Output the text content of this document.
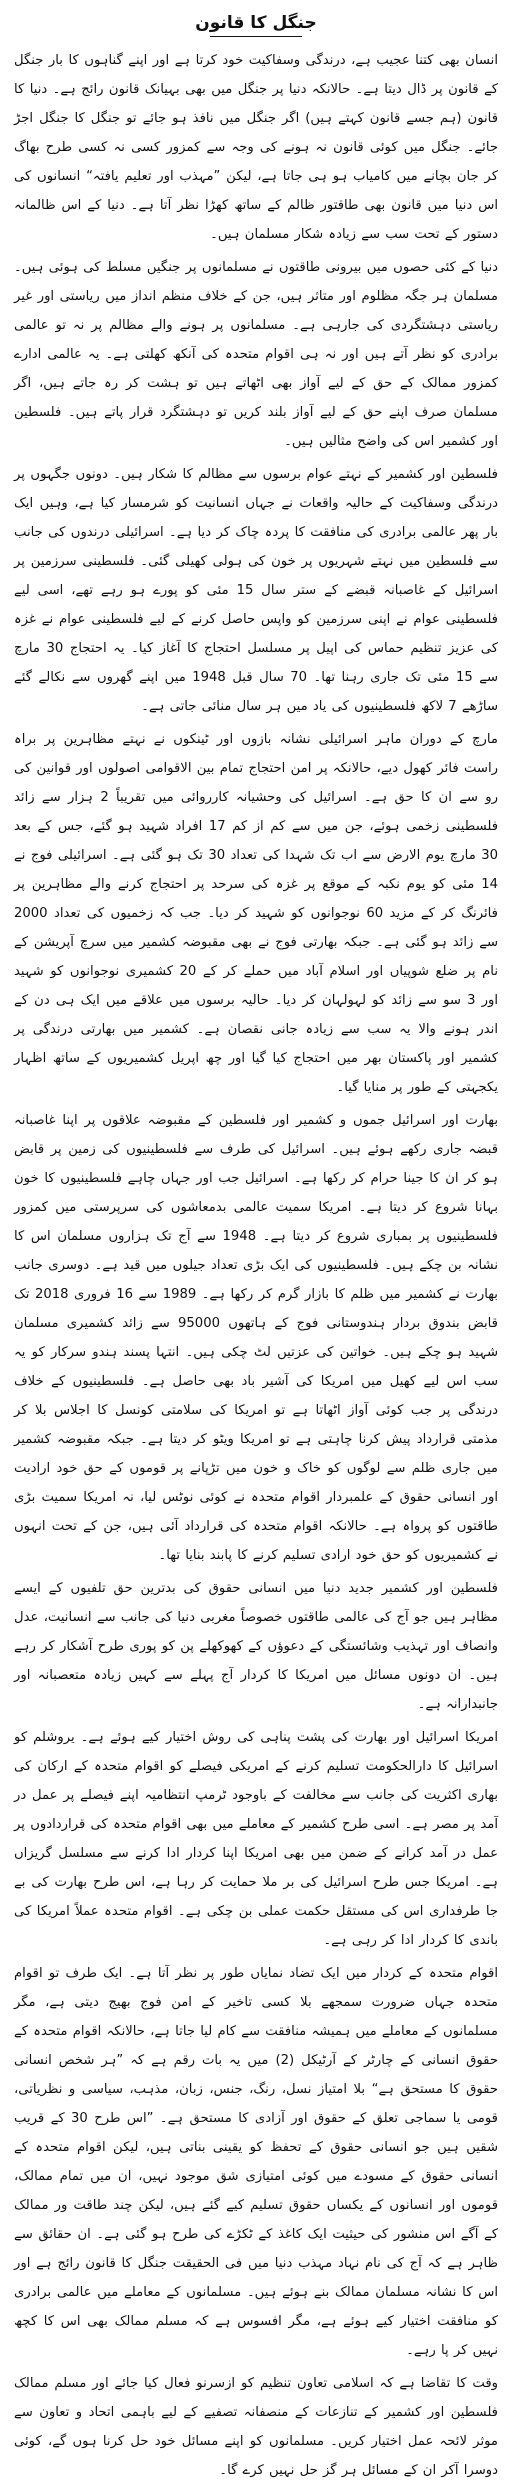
جنگل کا قانون

انسان بھی کتنا عجیب ہے، درندگی وسفاکیت خود کرتا ہے اور اپنے گناہوں کا بار جنگل کے قانون پر ڈال دیتا ہے۔ حالانکہ دنیا پر جنگل میں بھی بہیانک قانون رائج ہے۔ دنیا کا قانون (ہم جسے قانون کہتے ہیں) اگر جنگل میں نافذ ہو جائے تو جنگل کا جنگل اجڑ جائے۔ جنگل میں کوئی قانون نہ ہونے کی وجہ سے کمزور کسی نہ کسی طرح بھاگ کر جان بچانے میں کامیاب ہو ہی جاتا ہے، لیکن ”مہذب اور تعلیم یافتہ“ انسانوں کی اس دنیا میں قانون بھی طاقتور ظالم کے ساتھ کھڑا نظر آتا ہے۔ دنیا کے اس ظالمانہ دستور کے تحت سب سے زیادہ شکار مسلمان ہیں۔

دنیا کے کئی حصوں میں بیرونی طاقتوں نے مسلمانوں پر جنگیں مسلط کی ہوئی ہیں۔ مسلمان ہر جگہ مظلوم اور متاثر ہیں، جن کے خلاف منظم انداز میں ریاستی اور غیر ریاستی دہشتگردی کی جارہی ہے۔ مسلمانوں پر ہونے والے مظالم پر نہ تو عالمی برادری کو نظر آتے ہیں اور نہ ہی اقوام متحدہ کی آنکھ کھلتی ہے۔ یہ عالمی ادارے کمزور ممالک کے حق کے لیے آواز بھی اٹھاتے ہیں تو ہشت کر رہ جاتے ہیں، اگر مسلمان صرف اپنے حق کے لیے آواز بلند کریں تو دہشتگرد قرار پاتے ہیں۔ فلسطین اور کشمیر اس کی واضح مثالیں ہیں۔

فلسطین اور کشمیر کے نہتے عوام برسوں سے مظالم کا شکار ہیں۔ دونوں جگہوں پر درندگی وسفاکیت کے حالیہ واقعات نے جہاں انسانیت کو شرمسار کیا ہے، وہیں ایک بار پھر عالمی برادری کی منافقت کا پردہ چاک کر دیا ہے۔ اسرائیلی درندوں کی جانب سے فلسطین میں نہتے شہریوں پر خون کی ہولی کھیلی گئی۔ فلسطینی سرزمین پر اسرائیل کے غاصبانہ قبضے کے ستر سال 15 مئی کو پورے ہو رہے تھے، اسی لیے فلسطینی عوام نے اپنی سرزمین کو واپس حاصل کرنے کے لیے فلسطینی عوام نے غزہ کی عزیز تنظیم حماس کی اپیل پر مسلسل احتجاج کا آغاز کیا۔ یہ احتجاج 30 مارچ سے 15 مئی تک جاری رہنا تھا۔ 70 سال قبل 1948 میں اپنے گھروں سے نکالے گئے ساڑھے 7 لاکھ فلسطینیوں کی یاد میں ہر سال منائی جاتی ہے۔

مارچ کے دوران ماہر اسرائیلی نشانہ بازوں اور ٹینکوں نے نہتے مظاہرین پر براہ راست فائر کھول دیے، حالانکہ پر امن احتجاج تمام بین الاقوامی اصولوں اور قوانین کی رو سے ان کا حق ہے۔ اسرائیل کی وحشیانہ کارروائی میں تقریباً 2 ہزار سے زائد فلسطینی زخمی ہوئے، جن میں سے کم از کم 17 افراد شہید ہو گئے، جس کے بعد 30 مارچ یوم الارض سے اب تک شہدا کی تعداد 30 تک ہو گئی ہے۔ اسرائیلی فوج نے 14 مئی کو یوم نکبہ کے موقع پر غزہ کی سرحد پر احتجاج کرنے والے مظاہرین پر فائرنگ کر کے مزید 60 نوجوانوں کو شہید کر دیا۔ جب کہ زخمیوں کی تعداد 2000 سے زائد ہو گئی ہے۔ جبکہ بھارتی فوج نے بھی مقبوضہ کشمیر میں سرچ آپریشن کے نام پر ضلع شوپیاں اور اسلام آباد میں حملے کر کے 20 کشمیری نوجوانوں کو شہید اور 3 سو سے زائد کو لہولہان کر دیا۔ حالیہ برسوں میں علاقے میں ایک ہی دن کے اندر ہونے والا یہ سب سے زیادہ جانی نقصان ہے۔ کشمیر میں بھارتی درندگی پر کشمیر اور پاکستان بھر میں احتجاج کیا گیا اور چھ اپریل کشمیریوں کے ساتھ اظہار یکجہتی کے طور پر منایا گیا۔

بھارت اور اسرائیل جموں و کشمیر اور فلسطین کے مقبوضہ علاقوں پر اپنا غاصبانہ قبضہ جاری رکھے ہوئے ہیں۔ اسرائیل کی طرف سے فلسطینیوں کی زمین پر قابض ہو کر ان کا جینا حرام کر رکھا ہے۔ اسرائیل جب اور جہاں چاہے فلسطینیوں کا خون بہانا شروع کر دیتا ہے۔ امریکا سمیت عالمی بدمعاشوں کی سرپرستی میں کمزور فلسطینیوں پر بمباری شروع کر دیتا ہے۔ 1948 سے آج تک ہزاروں مسلمان اس کا نشانہ بن چکے ہیں۔ فلسطینیوں کی ایک بڑی تعداد جیلوں میں قید ہے۔ دوسری جانب بھارت نے کشمیر میں ظلم کا بازار گرم کر رکھا ہے۔ 1989 سے 16 فروری 2018 تک قابض بندوق بردار ہندوستانی فوج کے ہاتھوں 95000 سے زائد کشمیری مسلمان شہید ہو چکے ہیں۔ خواتین کی عزتیں لٹ چکی ہیں۔ انتہا پسند ہندو سرکار کو یہ سب اس لیے کھیل میں امریکا کی آشیر باد بھی حاصل ہے۔ فلسطینیوں کے خلاف درندگی پر جب کوئی آواز اٹھاتا ہے تو امریکا کی سلامتی کونسل کا اجلاس بلا کر مذمتی قرارداد پیش کرنا چاہتی ہے تو امریکا ویٹو کر دیتا ہے۔ جبکہ مقبوضہ کشمیر میں جاری ظلم سے لوگوں کو خاک و خون میں تڑپانے پر قوموں کے حق خود ارادیت اور انسانی حقوق کے علمبردار اقوام متحدہ نے کوئی نوٹس لیا، نہ امریکا سمیت بڑی طاقتوں کو پرواہ ہے۔ حالانکہ اقوام متحدہ کی قرارداد آئی ہیں، جن کے تحت انہوں نے کشمیریوں کو حق خود ارادی تسلیم کرنے کا پابند بنایا تھا۔

فلسطین اور کشمیر جدید دنیا میں انسانی حقوق کی بدترین حق تلفیوں کے ایسے مظاہر ہیں جو آج کی عالمی طاقتوں خصوصاً مغربی دنیا کی جانب سے انسانیت، عدل وانصاف اور تہذیب وشائستگی کے دعوؤں کے کھوکھلے پن کو پوری طرح آشکار کر رہے ہیں۔ ان دونوں مسائل میں امریکا کا کردار آج پہلے سے کہیں زیادہ متعصبانہ اور جانبدارانہ ہے۔

امریکا اسرائیل اور بھارت کی پشت پناہی کی روش اختیار کیے ہوئے ہے۔ یروشلم کو اسرائیل کا دارالحکومت تسلیم کرنے کے امریکی فیصلے کو اقوام متحدہ کے ارکان کی بھاری اکثریت کی جانب سے مخالفت کے باوجود ٹرمپ انتظامیہ اپنے فیصلے پر عمل در آمد پر مصر ہے۔ اسی طرح کشمیر کے معاملے میں بھی اقوام متحدہ کی قراردادوں پر عمل در آمد کرانے کے ضمن میں بھی امریکا اپنا کردار ادا کرنے سے مسلسل گریزاں ہے۔ امریکا جس طرح اسرائیل کی بر ملا حمایت کر رہا ہے، اس طرح بھارت کی بے جا طرفداری اس کی مستقل حکمت عملی بن چکی ہے۔ اقوام متحدہ عملاً امریکا کی باندی کا کردار ادا کر رہی ہے۔

اقوام متحدہ کے کردار میں ایک تضاد نمایاں طور پر نظر آتا ہے۔ ایک طرف تو اقوام متحدہ جہاں ضرورت سمجھے بلا کسی تاخیر کے امن فوج بھیج دیتی ہے، مگر مسلمانوں کے معاملے میں ہمیشہ منافقت سے کام لیا جاتا ہے، حالانکہ اقوام متحدہ کے حقوق انسانی کے چارٹر کے آرٹیکل (2) میں یہ بات رقم ہے کہ ”ہر شخص انسانی حقوق کا مستحق ہے“ بلا امتیاز نسل، رنگ، جنس، زبان، مذہب، سیاسی و نظریاتی، قومی یا سماجی تعلق کے حقوق اور آزادی کا مستحق ہے۔ ”اس طرح 30 کے قریب شقیں ہیں جو انسانی حقوق کے تحفظ کو یقینی بناتی ہیں، لیکن اقوام متحدہ کے انسانی حقوق کے مسودے میں کوئی امتیازی شق موجود نہیں، ان میں تمام ممالک، قوموں اور انسانوں کے یکساں حقوق تسلیم کیے گئے ہیں، لیکن چند طاقت ور ممالک کے آگے اس منشور کی حیثیت ایک کاغذ کے ٹکڑے کی طرح ہو گئی ہے۔ ان حقائق سے ظاہر ہے کہ آج کی نام نہاد مہذب دنیا میں فی الحقیقت جنگل کا قانون رائج ہے اور اس کا نشانہ مسلمان ممالک بنے ہوئے ہیں۔ مسلمانوں کے معاملے میں عالمی برادری کو منافقت اختیار کیے ہوئے ہے، مگر افسوس ہے کہ مسلم ممالک بھی اس کا کچھ نہیں کر پا رہے۔

وقت کا تقاضا ہے کہ اسلامی تعاون تنظیم کو ازسرنو فعال کیا جائے اور مسلم ممالک فلسطین اور کشمیر کے تنازعات کے منصفانہ تصفیے کے لیے باہمی اتحاد و تعاون سے موثر لائحہ عمل اختیار کریں۔ مسلمانوں کو اپنے مسائل خود حل کرنا ہوں گے، کوئی دوسرا آکر ان کے مسائل ہر گز حل نہیں کرے گا۔
